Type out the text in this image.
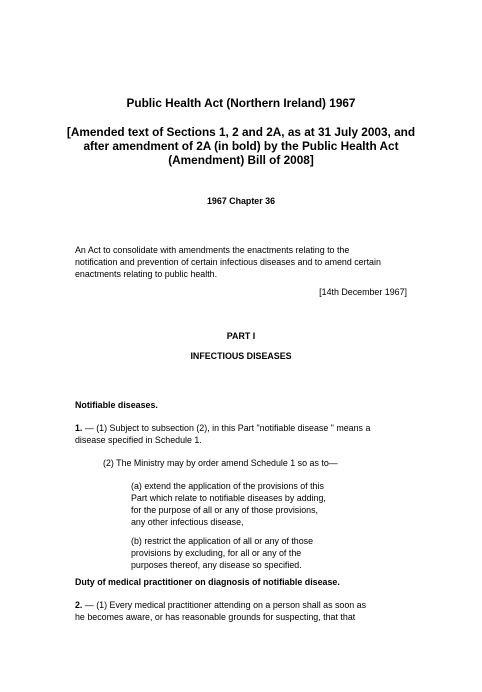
Public Health Act (Northern Ireland) 1967
[Amended text of Sections 1, 2 and 2A, as at 31 July 2003, and
after amendment of 2A (in bold) by the Public Health Act
(Amendment) Bill of 2008]
1967 Chapter 36
An Act to consolidate with amendments the enactments relating to the
notification and prevention of certain infectious diseases and to amend certain
enactments relating to public health.
[14th December 1967]
PART I
INFECTIOUS DISEASES
Notifiable diseases.
1. — (1) Subject to subsection (2), in this Part "notifiable disease " means a
disease specified in Schedule 1.
(2) The Ministry may by order amend Schedule 1 so as to—
(a) extend the application of the provisions of this
Part which relate to notifiable diseases by adding,
for the purpose of all or any of those provisions,
any other infectious disease,
(b) restrict the application of all or any of those
provisions by excluding, for all or any of the
purposes thereof, any disease so specified.
Duty of medical practitioner on diagnosis of notifiable disease.
2. — (1) Every medical practitioner attending on a person shall as soon as
he becomes aware, or has reasonable grounds for suspecting, that that
